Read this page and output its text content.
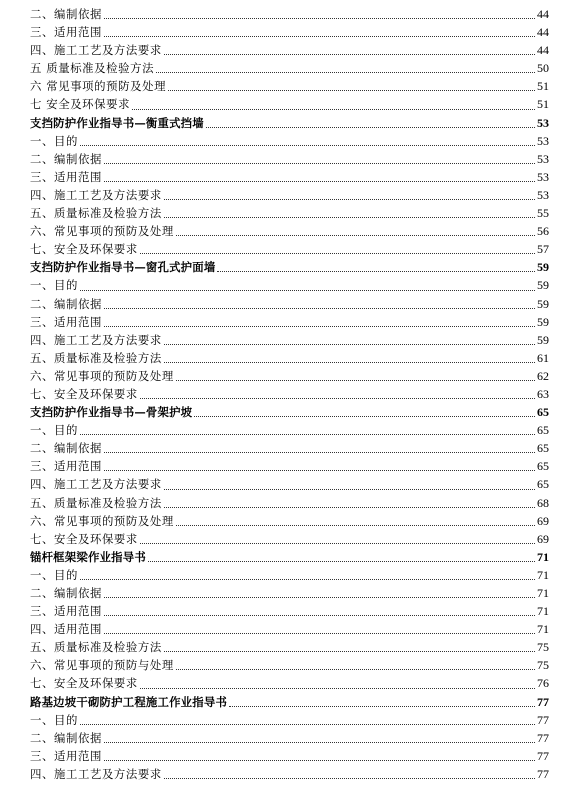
二、编制依据	44
三、适用范围	44
四、施工工艺及方法要求	44
五 质量标准及检验方法	50
六 常见事项的预防及处理	51
七 安全及环保要求	51
支挡防护作业指导书—衡重式挡墙	53
一、目的	53
二、编制依据	53
三、适用范围	53
四、施工工艺及方法要求	53
五、质量标准及检验方法	55
六、常见事项的预防及处理	56
七、安全及环保要求	57
支挡防护作业指导书—窗孔式护面墙	59
一、目的	59
二、编制依据	59
三、适用范围	59
四、施工工艺及方法要求	59
五、质量标准及检验方法	61
六、常见事项的预防及处理	62
七、安全及环保要求	63
支挡防护作业指导书—骨架护坡	65
一、目的	65
二、编制依据	65
三、适用范围	65
四、施工工艺及方法要求	65
五、质量标准及检验方法	68
六、常见事项的预防及处理	69
七、安全及环保要求	69
锚杆框架梁作业指导书	71
一、目的	71
二、编制依据	71
三、适用范围	71
四、适用范围	71
五、质量标准及检验方法	75
六、常见事项的预防与处理	75
七、安全及环保要求	76
路基边坡干砌防护工程施工作业指导书	77
一、目的	77
二、编制依据	77
三、适用范围	77
四、施工工艺及方法要求	77
